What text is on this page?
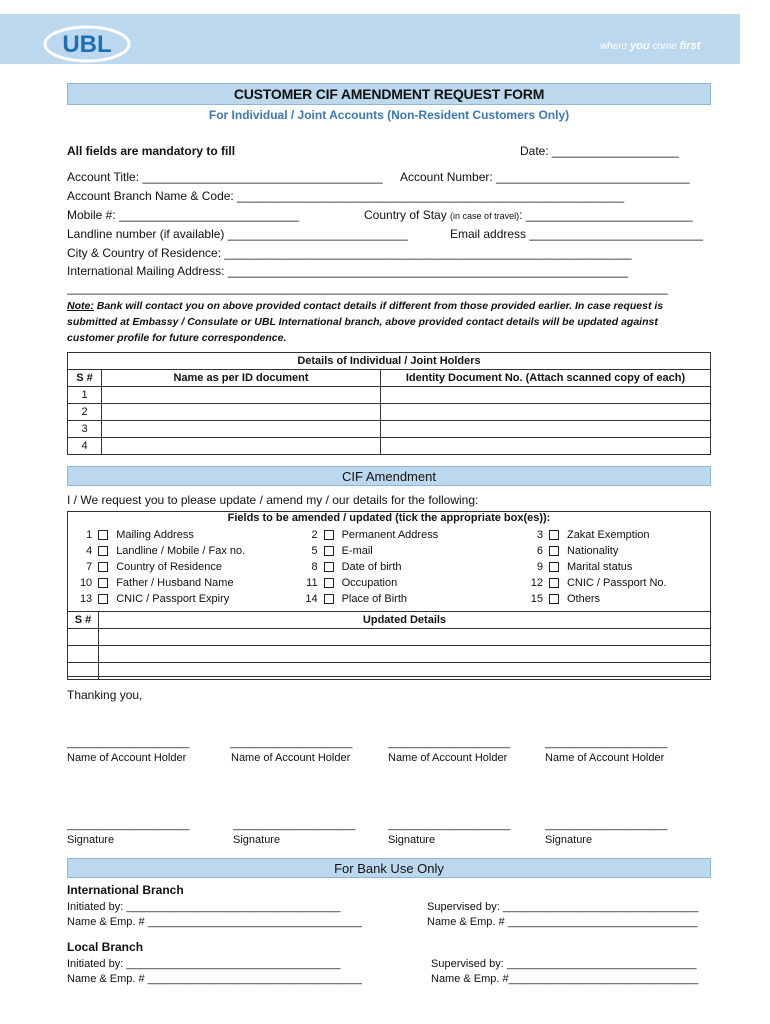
UBL	where you come first
CUSTOMER CIF AMENDMENT REQUEST FORM
For Individual / Joint Accounts (Non-Resident Customers Only)
All fields are mandatory to fill	Date: ___________________
Account Title: ____________________________________ Account Number: _____________________________
Account Branch Name & Code: __________________________________________________________
Mobile #: ___________________________	Country of Stay (in case of travel): _________________________
Landline number (if available) ___________________________	Email address __________________________
City & Country of Residence: _____________________________________________________________
International Mailing Address: ____________________________________________________________
__________________________________________________________________________________________
Note: Bank will contact you on above provided contact details if different from those provided earlier. In case request is submitted at Embassy / Consulate or UBL International branch, above provided contact details will be updated against customer profile for future correspondence.
Details of Individual / Joint Holders		
S #	Name as per ID document	Identity Document No. (Attach scanned copy of each)
1		
2		
3		
4		
CIF Amendment
I / We request you to please update / amend my / our details for the following:
Fields to be amended / updated (tick the appropriate box(es)):
1	Mailing Address	2	Permanent Address	3	Zakat Exemption
4	Landline / Mobile / Fax no.	5	E-mail	6	Nationality
7	Country of Residence	8	Date of birth	9	Marital status
10	Father / Husband Name	11	Occupation	12	CNIC / Passport No.
13	CNIC / Passport Expiry	14	Place of Birth	15	Others
S #	Updated Details

Thanking you,
____________________	____________________	____________________	____________________
Name of Account Holder	Name of Account Holder	Name of Account Holder	Name of Account Holder
____________________	____________________	____________________	____________________
Signature	Signature	Signature	Signature
For Bank Use Only
International Branch
Initiated by: ___________________________________
Name & Emp. # ___________________________________
Supervised by: ________________________________
Name & Emp. # _______________________________
Local Branch
Initiated by: ___________________________________
Name & Emp. # ___________________________________
Supervised by: _______________________________
Name & Emp. #_______________________________
